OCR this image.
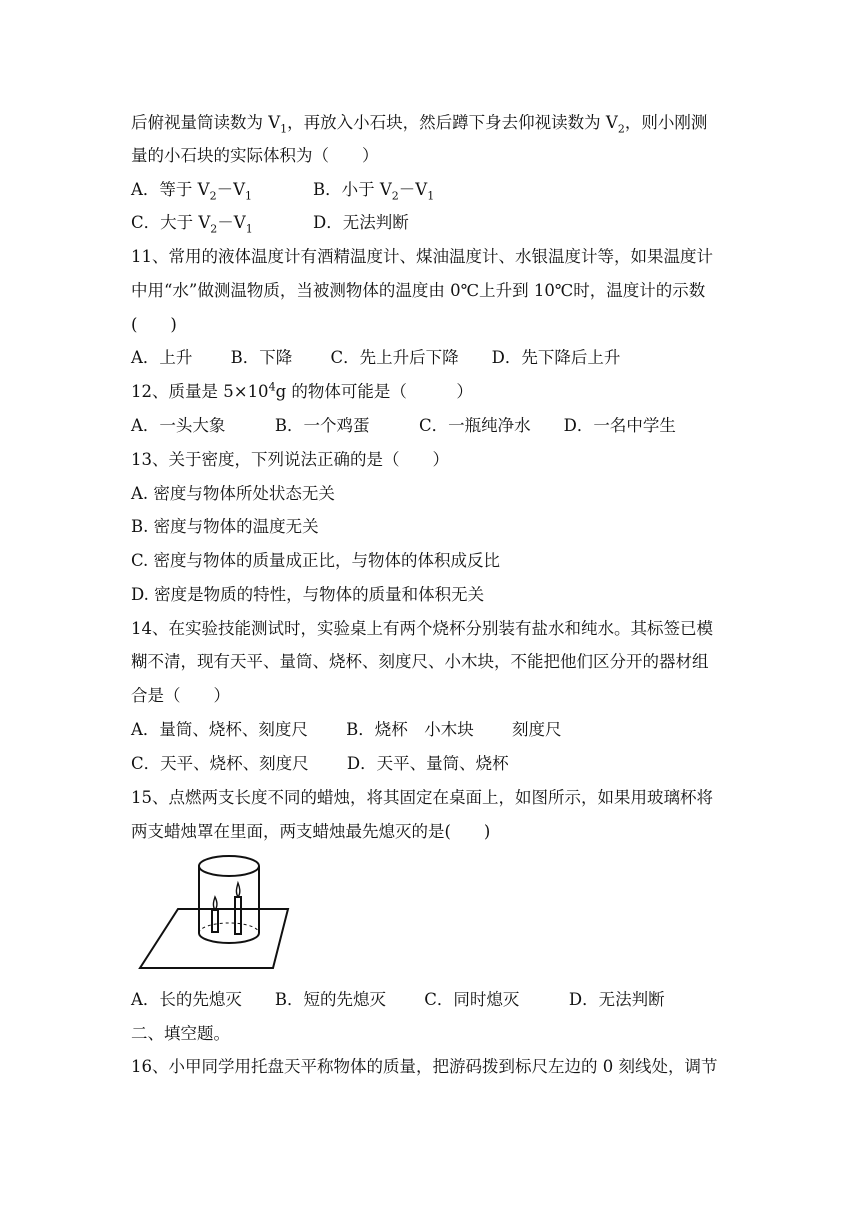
后俯视量筒读数为 $V_1$，再放入小石块，然后蹲下身去仰视读数为 $V_2$，则小刚测
量的小石块的实际体积为（　　）
A．等于 $V_2-V_1$	B．小于 $V_2-V_1$
C．大于 $V_2-V_1$	D．无法判断
11、常用的液体温度计有酒精温度计、煤油温度计、水银温度计等，如果温度计
中用“水”做测温物质，当被测物体的温度由 0℃上升到 10℃时，温度计的示数
(　　)
A．上升　　 B．下降　　 C．先上升后下降　　D．先下降后上升
12、质量是 $5\times 10^4g$ 的物体可能是（　　　）
A．一头大象　　　B．一个鸡蛋　　　C．一瓶纯净水　　D．一名中学生
13、关于密度，下列说法正确的是（　　）
A. 密度与物体所处状态无关
B. 密度与物体的温度无关
C. 密度与物体的质量成正比，与物体的体积成反比
D. 密度是物质的特性，与物体的质量和体积无关
14、在实验技能测试时，实验桌上有两个烧杯分别装有盐水和纯水。其标签已模
糊不清，现有天平、量筒、烧杯、刻度尺、小木块，不能把他们区分开的器材组
合是（　　）
A．量筒、烧杯、刻度尺　　 B．烧杯　小木块　　 刻度尺
C．天平、烧杯、刻度尺　　 D．天平、量筒、烧杯
15、点燃两支长度不同的蜡烛，将其固定在桌面上，如图所示，如果用玻璃杯将
两支蜡烛罩在里面，两支蜡烛最先熄灭的是(　　)
A．长的先熄灭　　B．短的先熄灭　　 C．同时熄灭　　　D．无法判断
二、填空题。
16、小甲同学用托盘天平称物体的质量，把游码拨到标尺左边的 0 刻线处，调节
